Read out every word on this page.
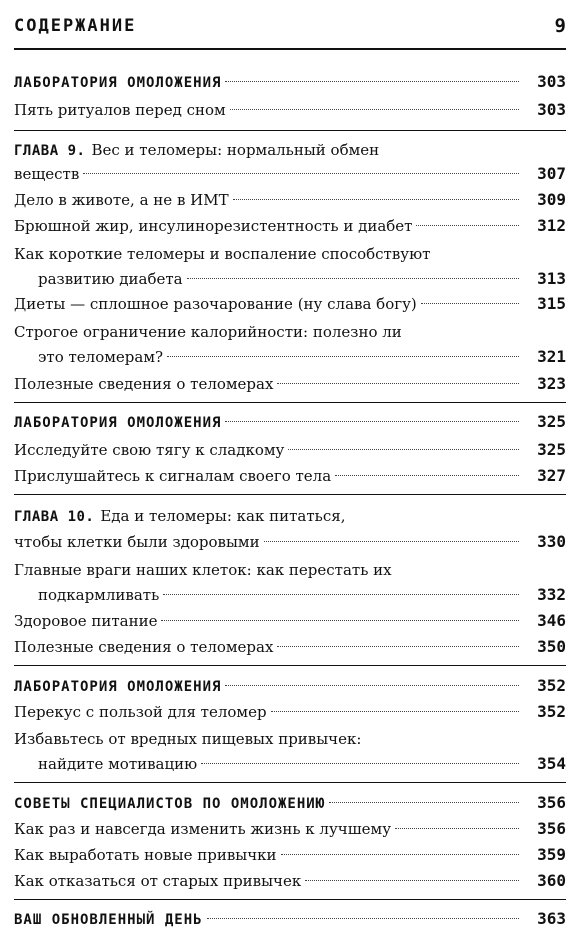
СОДЕРЖАНИЕ	9
ЛАБОРАТОРИЯ ОМОЛОЖЕНИЯ	303
Пять ритуалов перед сном	303
ГЛАВА 9. Вес и теломеры: нормальный обмен
веществ	307
Дело в животе, а не в ИМТ	309
Брюшной жир, инсулинорезистентность и диабет	312
Как короткие теломеры и воспаление способствуют
развитию диабета	313
Диеты — сплошное разочарование (ну слава богу)	315
Строгое ограничение калорийности: полезно ли
это теломерам?	321
Полезные сведения о теломерах	323
ЛАБОРАТОРИЯ ОМОЛОЖЕНИЯ	325
Исследуйте свою тягу к сладкому	325
Прислушайтесь к сигналам своего тела	327
ГЛАВА 10. Еда и теломеры: как питаться,
чтобы клетки были здоровыми	330
Главные враги наших клеток: как перестать их
подкармливать	332
Здоровое питание	346
Полезные сведения о теломерах	350
ЛАБОРАТОРИЯ ОМОЛОЖЕНИЯ	352
Перекус с пользой для теломер	352
Избавьтесь от вредных пищевых привычек:
найдите мотивацию	354
СОВЕТЫ СПЕЦИАЛИСТОВ ПО ОМОЛОЖЕНИЮ	356
Как раз и навсегда изменить жизнь к лучшему	356
Как выработать новые привычки	359
Как отказаться от старых привычек	360
ВАШ ОБНОВЛЕННЫЙ ДЕНЬ	363
